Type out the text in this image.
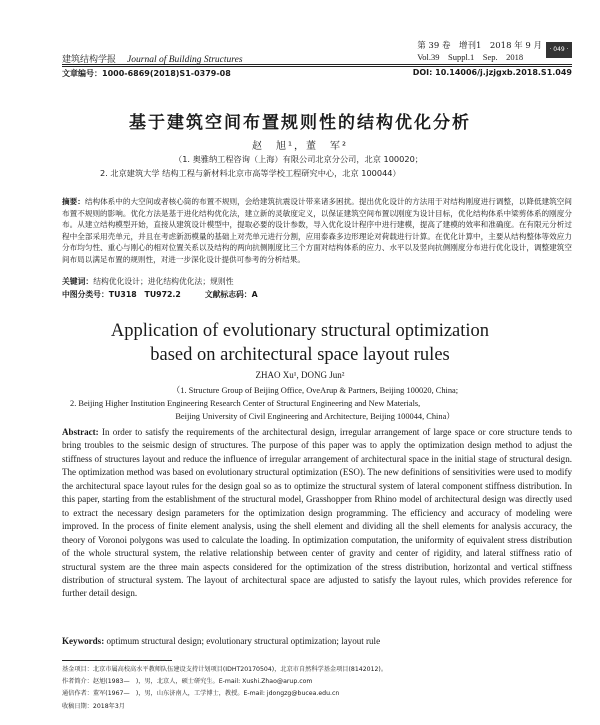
建筑结构学报 Journal of Building Structures
第 39 卷　增刊1　2018 年 9 月
Vol.39　Suppl.1　Sep.　2018
· 049 ·
文章编号：1000-6869(2018)S1-0379-08	DOI: 10.14006/j.jzjgxb.2018.S1.049
基于建筑空间布置规则性的结构优化分析
赵　旭¹，董　军²
（1. 奥雅纳工程咨询（上海）有限公司北京分公司，北京 100020；
2. 北京建筑大学 结构工程与新材料北京市高等学校工程研究中心，北京 100044）
摘要：结构体系中的大空间或者核心筒的布置不规则，会给建筑抗震设计带来诸多困扰。提出优化设计的方法用于对结构刚度进行调整，以降低建筑空间布置不规则的影响。优化方法是基于进化结构优化法，建立新的灵敏度定义，以保证建筑空间布置以刚度为设计目标，优化结构体系中梁剪体系的刚度分布。从建立结构模型开始，直接从建筑设计模型中，提取必要的设计参数，导入优化设计程序中进行建模，提高了建模的效率和准确度。在有限元分析过程中全部采用壳单元，并且在考虑新沥模量的基础上对壳单元进行分割，应用泰森多边形理论对荷载进行计算。在优化计算中，主要从结构整体等效应力分布均匀性、重心与刚心的相对位置关系以及结构的两向抗侧刚度比三个方面对结构体系的应力、水平以及竖向抗侧刚度分布进行优化设计，调整建筑空间布局以满足布置的规则性，对进一步深化设计提供可参考的分析结果。
关键词：结构优化设计；进化结构优化法；规则性
中图分类号：TU318　TU972.2	文献标志码：A
Application of evolutionary structural optimization
based on architectural space layout rules
ZHAO Xu¹, DONG Jun²
（1. Structure Group of Beijing Office, OveArup & Partners, Beijing 100020, China;
2. Beijing Higher Institution Engineering Research Center of Structural Engineering and New Materials,
Beijing University of Civil Engineering and Architecture, Beijing 100044, China）
Abstract: In order to satisfy the requirements of the architectural design, irregular arrangement of large space or core structure tends to bring troubles to the seismic design of structures. The purpose of this paper was to apply the optimization design method to adjust the stiffness of structures layout and reduce the influence of irregular arrangement of architectural space in the initial stage of structural design. The optimization method was based on evolutionary structural optimization (ESO). The new definitions of sensitivities were used to modify the architectural space layout rules for the design goal so as to optimize the structural system of lateral component stiffness distribution. In this paper, starting from the establishment of the structural model, Grasshopper from Rhino model of architectural design was directly used to extract the necessary design parameters for the optimization design programming. The efficiency and accuracy of modeling were improved. In the process of finite element analysis, using the shell element and dividing all the shell elements for analysis accuracy, the theory of Voronoi polygons was used to calculate the loading. In optimization computation, the uniformity of equivalent stress distribution of the whole structural system, the relative relationship between center of gravity and center of rigidity, and lateral stiffness ratio of structural system are the three main aspects considered for the optimization of the stress distribution, horizontal and vertical stiffness distribution of structural system. The layout of architectural space are adjusted to satisfy the layout rules, which provides reference for further detail design.
Keywords: optimum structural design; evolutionary structural optimization; layout rule
基金项目：北京市属高校高水平教师队伍建设支持计划项目(IDHT20170504)，北京市自然科学基金项目(8142012)。
作者简介：赵旭(1983—　)，男，北京人，硕士研究生。E-mail: Xushi.Zhao@arup.com
通信作者：董军(1967—　)，男，山东济南人，工学博士，教授。E-mail: jdongzg@bucea.edu.cn
收稿日期：2018年3月
